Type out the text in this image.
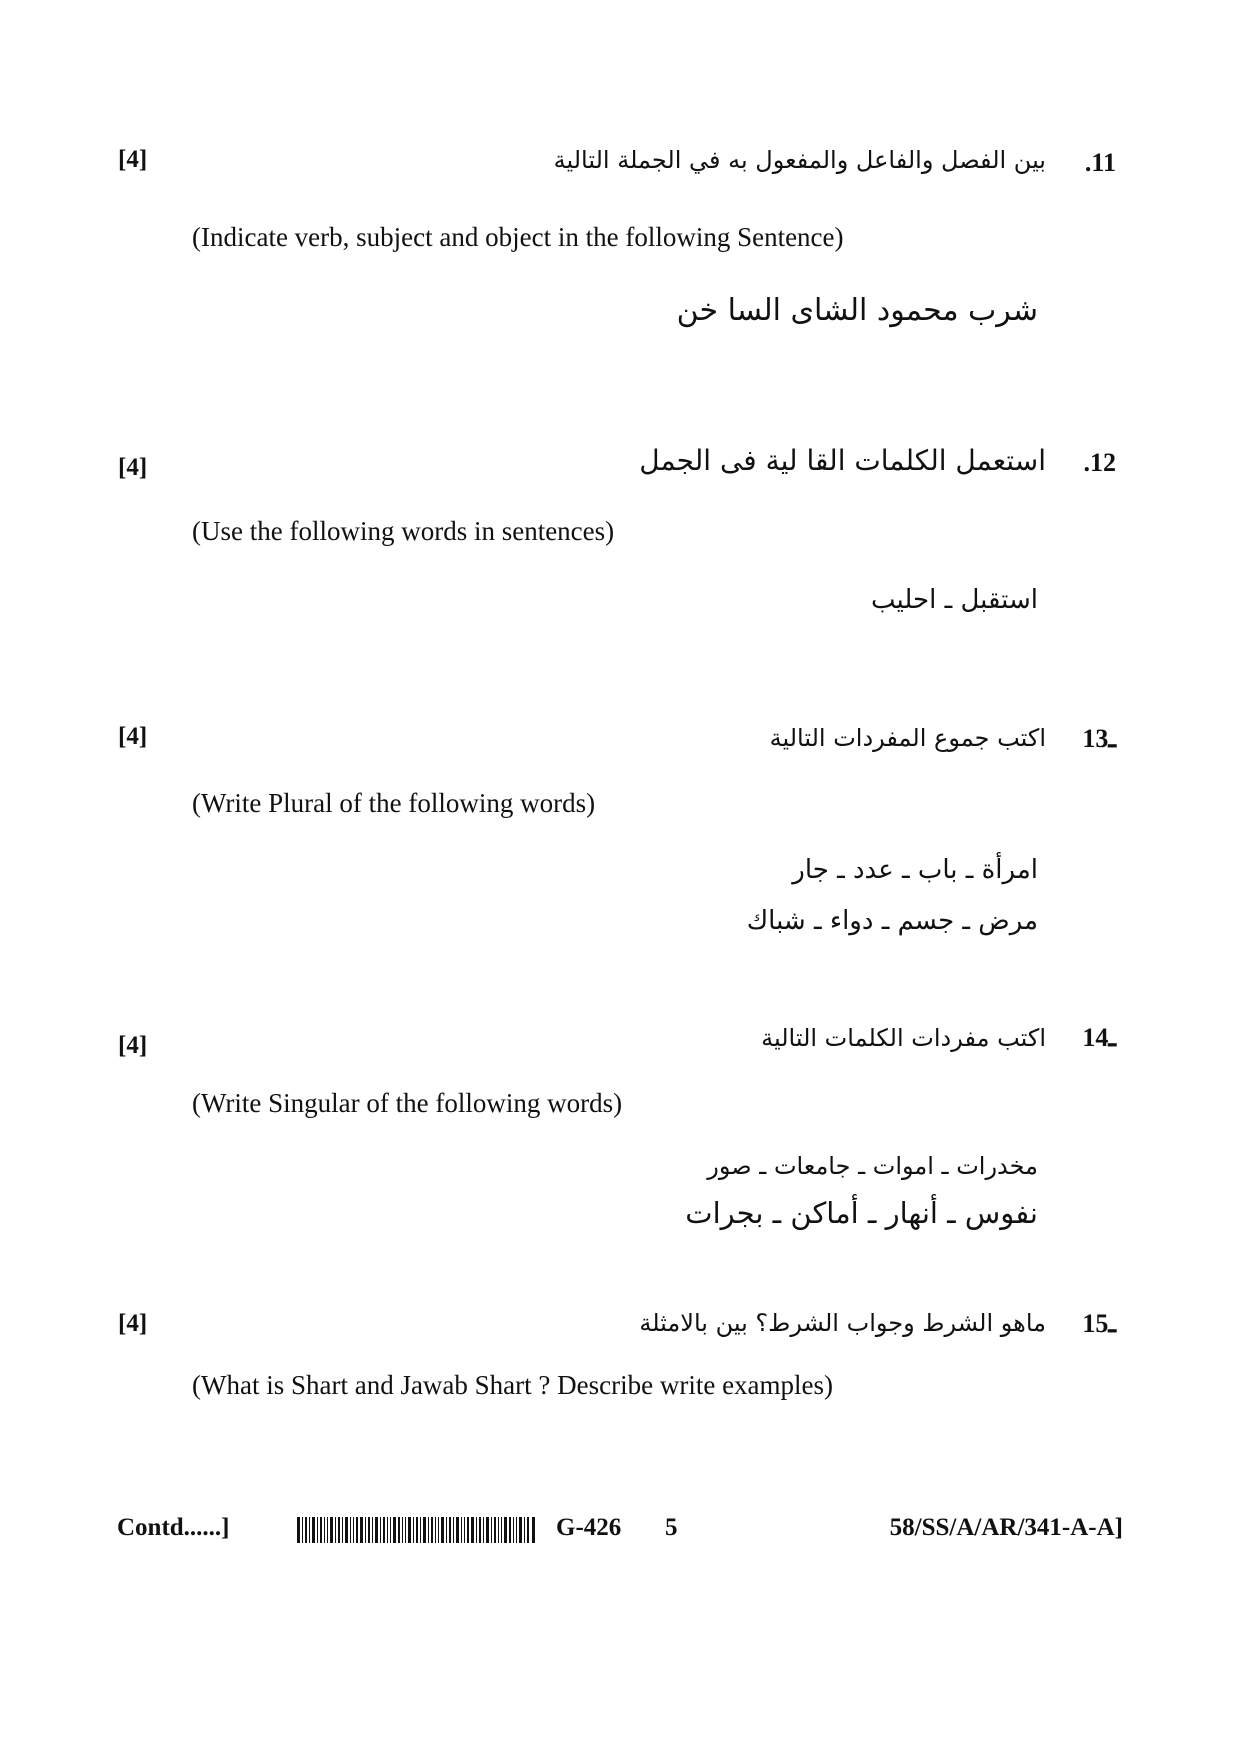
[4]	.11
بين الفصل والفاعل والمفعول به في الجملة التالية
(Indicate verb, subject and object in the following Sentence)
شرب محمود الشاى السا خن
[4]	.12
استعمل الكلمات القا لية فى الجمل
(Use the following words in sentences)
استقبل ـ احليب
[4]	13ـ
اكتب جموع المفردات التالية
(Write Plural of the following words)
امرأة ـ باب ـ عدد ـ جار
مرض ـ جسم ـ دواء ـ شباك
[4]	14ـ
اكتب مفردات الكلمات التالية
(Write Singular of the following words)
مخدرات ـ اموات ـ جامعات ـ صور
نفوس ـ أنهار ـ أماكن ـ بجرات
[4]	15ـ
ماهو الشرط وجواب الشرط؟ بين بالامثلة
(What is Shart and Jawab Shart ? Describe write examples)
Contd......]	G-426 5	58/SS/A/AR/341-A-A]
